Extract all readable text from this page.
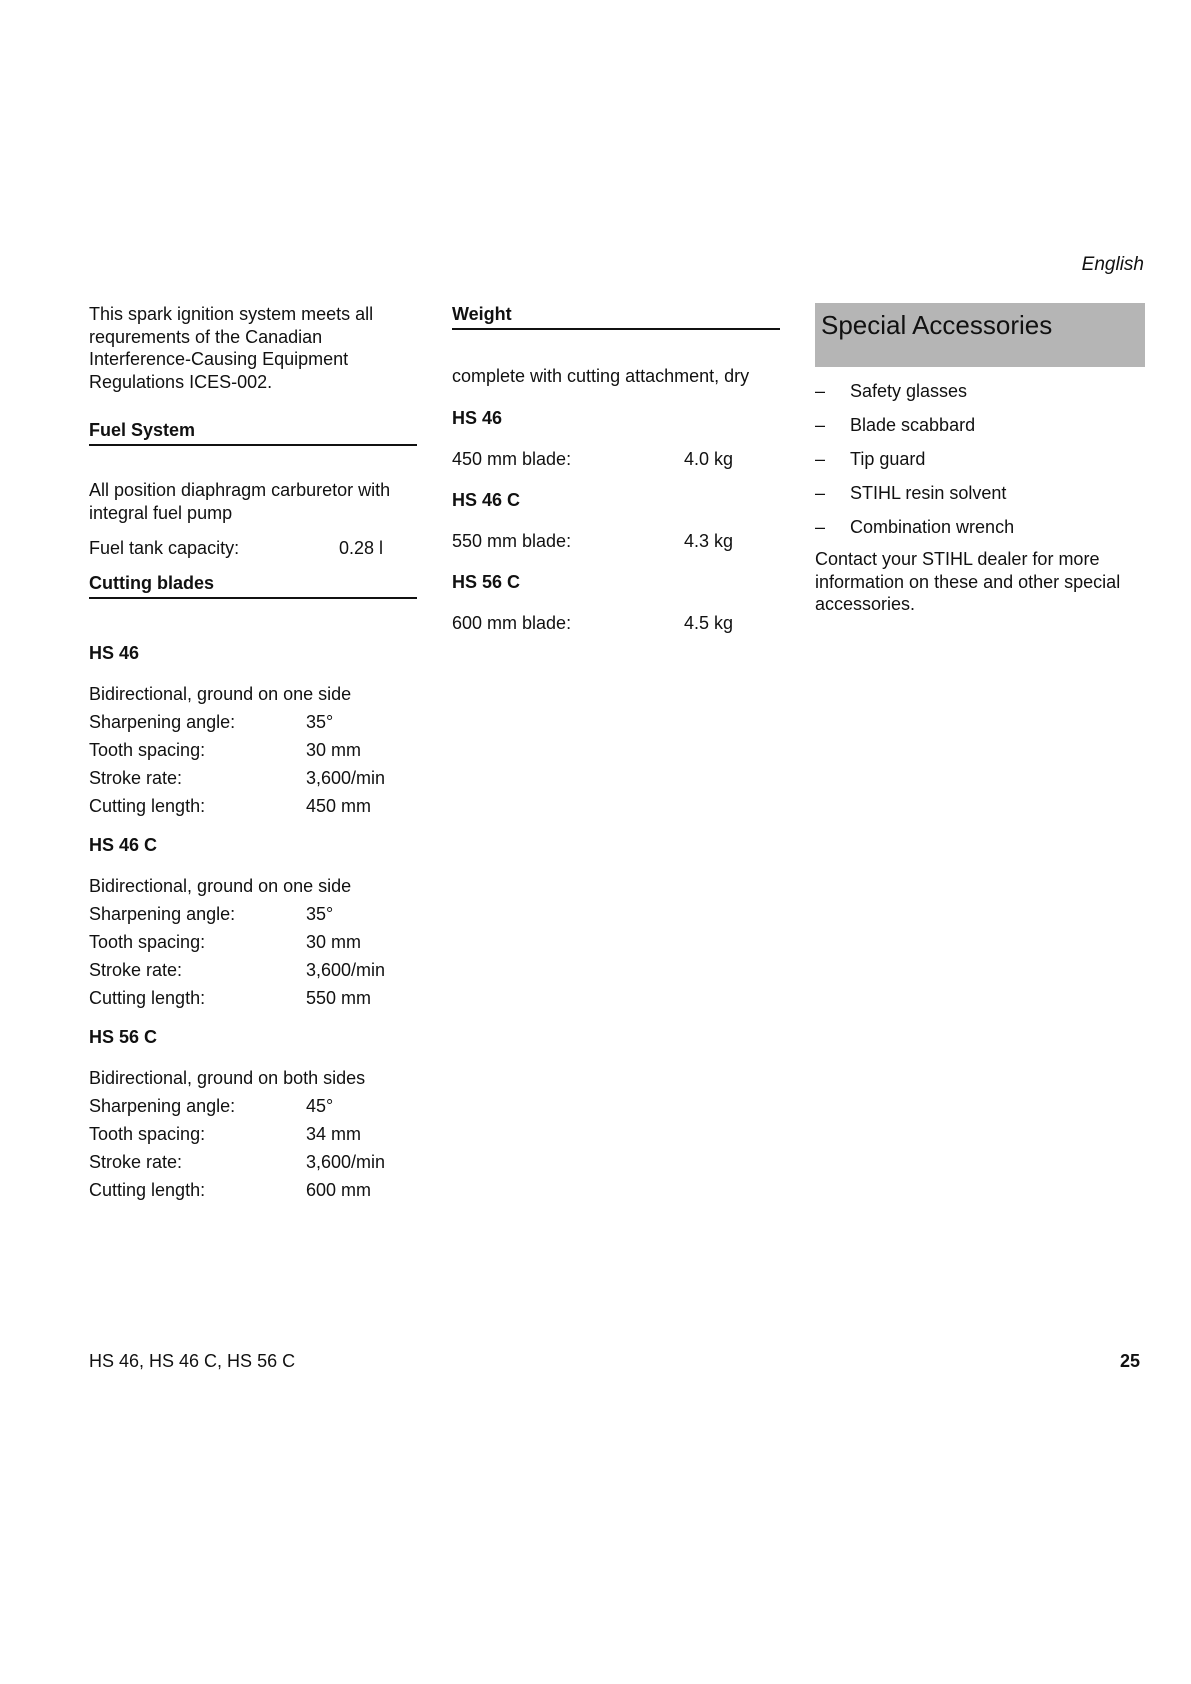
English

This spark ignition system meets all requrements of the Canadian Interference-Causing Equipment Regulations ICES-002.

Fuel System

All position diaphragm carburetor with integral fuel pump

Fuel tank capacity:	0.28 l
Cutting blades
HS 46
Bidirectional, ground on one side
Sharpening angle:	35°
Tooth spacing:	30 mm
Stroke rate:	3,600/min
Cutting length:	450 mm
HS 46 C
Bidirectional, ground on one side
Sharpening angle:	35°
Tooth spacing:	30 mm
Stroke rate:	3,600/min
Cutting length:	550 mm
HS 56 C
Bidirectional, ground on both sides
Sharpening angle:	45°
Tooth spacing:	34 mm
Stroke rate:	3,600/min
Cutting length:	600 mm
Weight

complete with cutting attachment, dry

HS 46
450 mm blade:	4.0 kg
HS 46 C
550 mm blade:	4.3 kg
HS 56 C
600 mm blade:	4.5 kg
Special Accessories
–	Safety glasses
–	Blade scabbard
–	Tip guard
–	STIHL resin solvent
–	Combination wrench

Contact your STIHL dealer for more information on these and other special accessories.

HS 46, HS 46 C, HS 56 C	25
